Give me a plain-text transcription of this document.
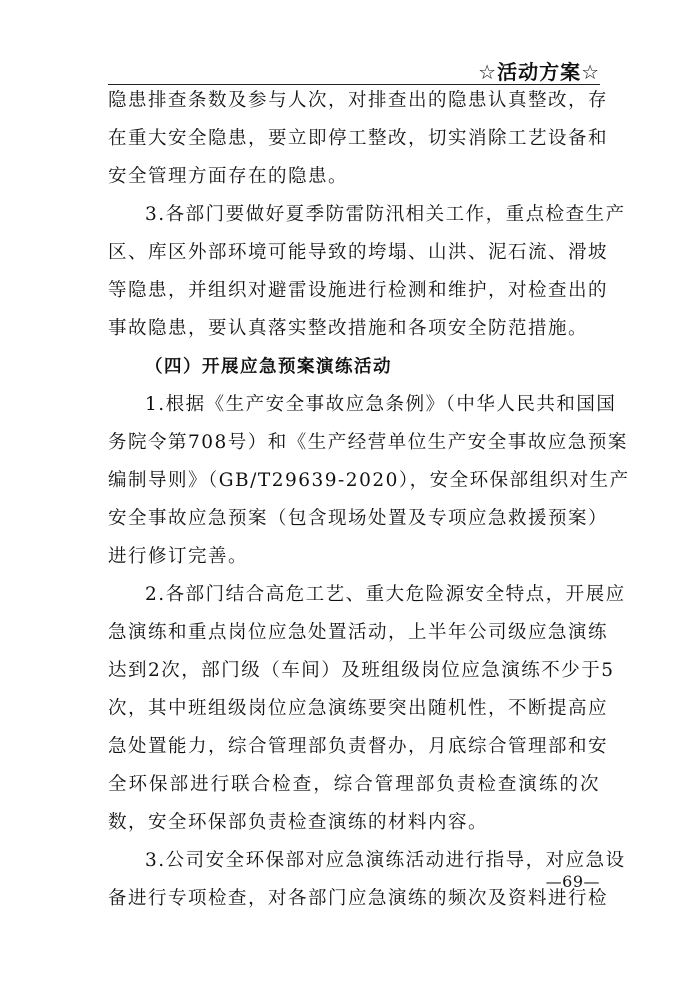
☆活动方案☆
隐患排查条数及参与人次，对排查出的隐患认真整改，存
在重大安全隐患，要立即停工整改，切实消除工艺设备和
安全管理方面存在的隐患。
3.各部门要做好夏季防雷防汛相关工作，重点检查生产
区、库区外部环境可能导致的垮塌、山洪、泥石流、滑坡
等隐患，并组织对避雷设施进行检测和维护，对检查出的
事故隐患，要认真落实整改措施和各项安全防范措施。
（四）开展应急预案演练活动
1.根据《生产安全事故应急条例》（中华人民共和国国
务院令第708号）和《生产经营单位生产安全事故应急预案
编制导则》（GB/T29639-2020），安全环保部组织对生产
安全事故应急预案（包含现场处置及专项应急救援预案）
进行修订完善。
2.各部门结合高危工艺、重大危险源安全特点，开展应
急演练和重点岗位应急处置活动，上半年公司级应急演练
达到2次，部门级（车间）及班组级岗位应急演练不少于5
次，其中班组级岗位应急演练要突出随机性，不断提高应
急处置能力，综合管理部负责督办，月底综合管理部和安
全环保部进行联合检查，综合管理部负责检查演练的次
数，安全环保部负责检查演练的材料内容。
3.公司安全环保部对应急演练活动进行指导，对应急设
备进行专项检查，对各部门应急演练的频次及资料进行检
—69—
